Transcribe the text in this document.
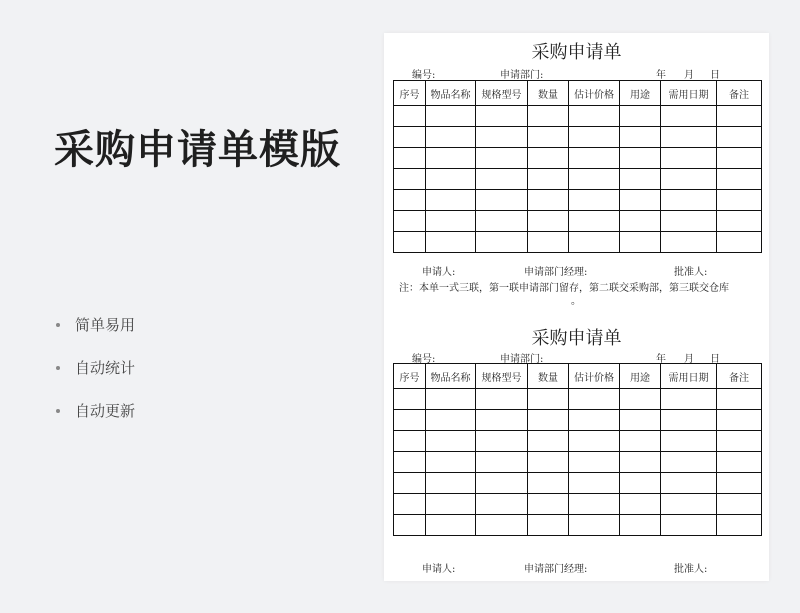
采购申请单模版
简单易用
自动统计
自动更新
采购申请单
编号:	申请部门:	年 月 日
序号	物品名称	规格型号	数量	估计价格	用途	需用日期	备注

申请人:	申请部门经理:	批准人:
注：本单一式三联，第一联申请部门留存，第二联交采购部，第三联交仓库
。
采购申请单
编号:	申请部门:	年 月 日
序号	物品名称	规格型号	数量	估计价格	用途	需用日期	备注

申请人:	申请部门经理:	批准人:
